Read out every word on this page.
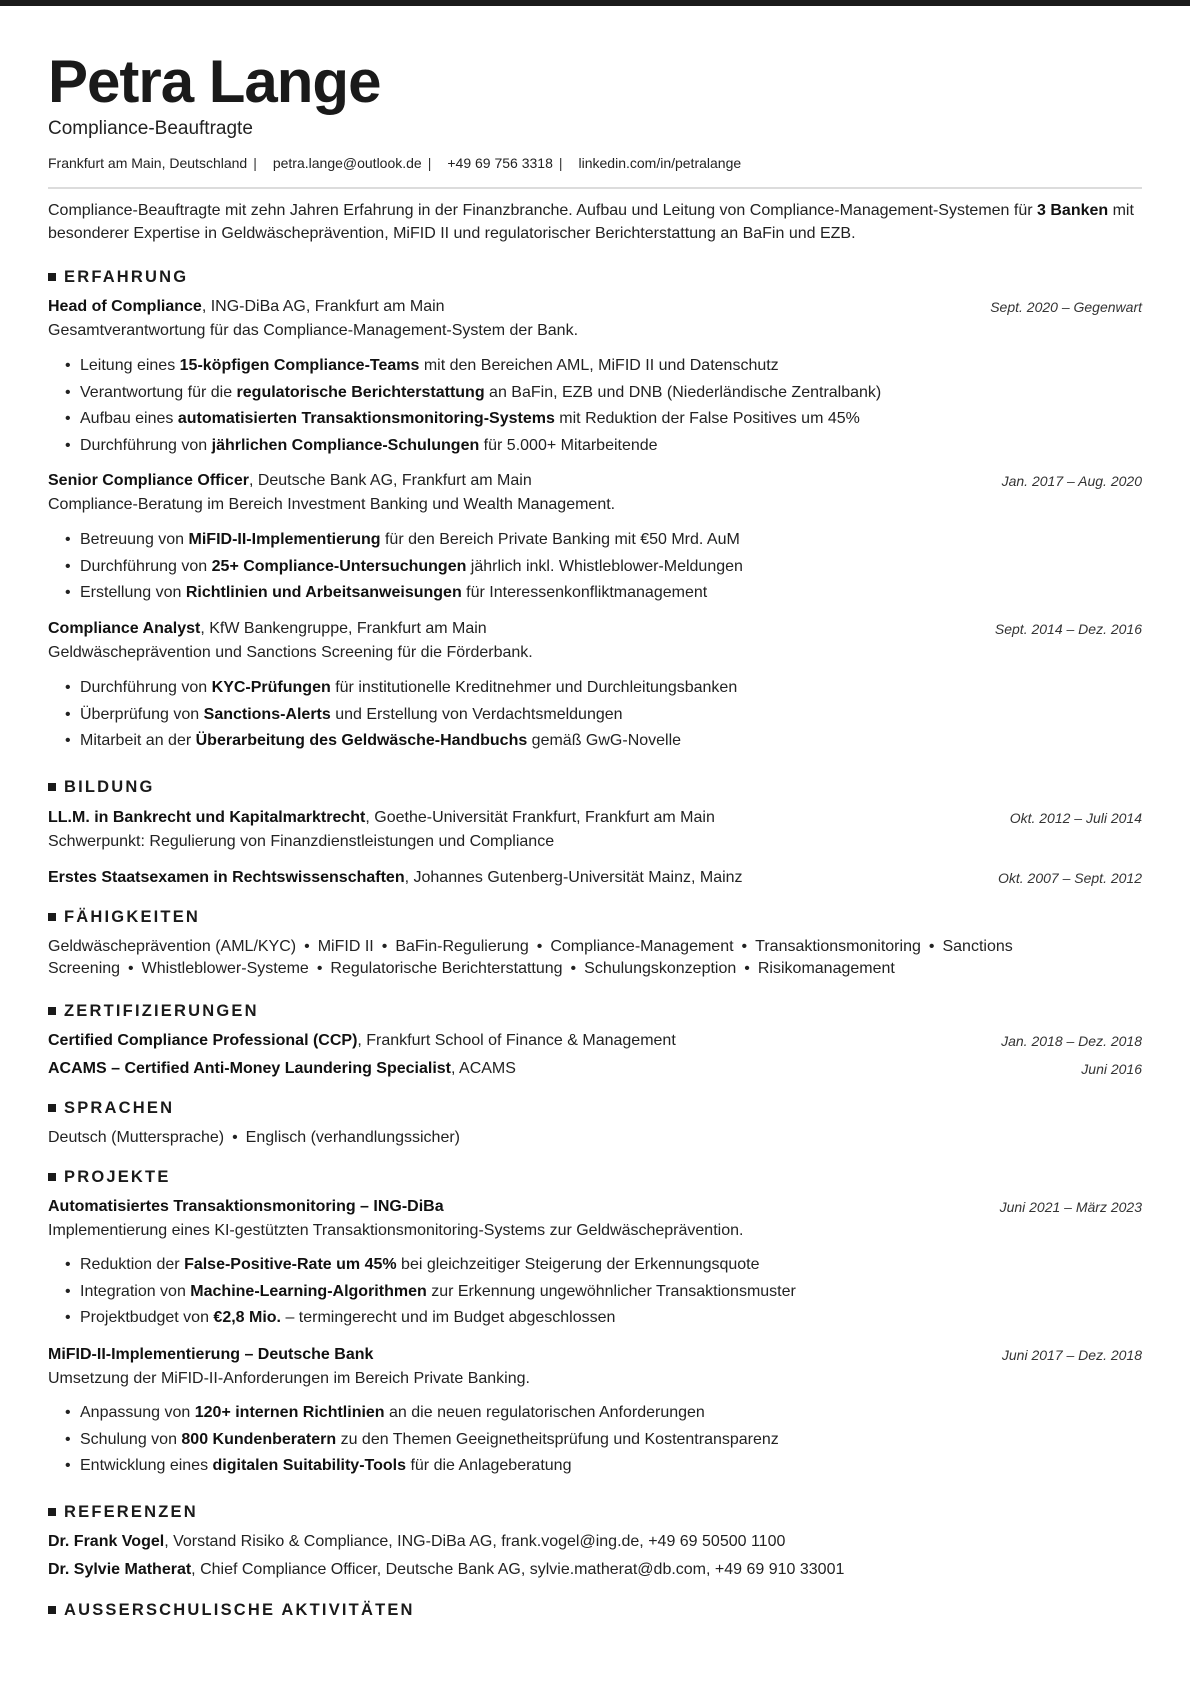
Petra Lange
Compliance-Beauftragte
Frankfurt am Main, Deutschland | petra.lange@outlook.de | +49 69 756 3318 | linkedin.com/in/petralange

Compliance-Beauftragte mit zehn Jahren Erfahrung in der Finanzbranche. Aufbau und Leitung von Compliance-Management-Systemen für 3 Banken mit besonderer Expertise in Geldwäscheprävention, MiFID II und regulatorischer Berichterstattung an BaFin und EZB.

ERFAHRUNG
Head of Compliance, ING-DiBa AG, Frankfurt am Main	Sept. 2020 – Gegenwart
Gesamtverantwortung für das Compliance-Management-System der Bank.
• Leitung eines 15-köpfigen Compliance-Teams mit den Bereichen AML, MiFID II und Datenschutz
• Verantwortung für die regulatorische Berichterstattung an BaFin, EZB und DNB (Niederländische Zentralbank)
• Aufbau eines automatisierten Transaktionsmonitoring-Systems mit Reduktion der False Positives um 45%
• Durchführung von jährlichen Compliance-Schulungen für 5.000+ Mitarbeitende
Senior Compliance Officer, Deutsche Bank AG, Frankfurt am Main	Jan. 2017 – Aug. 2020
Compliance-Beratung im Bereich Investment Banking und Wealth Management.
• Betreuung von MiFID-II-Implementierung für den Bereich Private Banking mit €50 Mrd. AuM
• Durchführung von 25+ Compliance-Untersuchungen jährlich inkl. Whistleblower-Meldungen
• Erstellung von Richtlinien und Arbeitsanweisungen für Interessenkonfliktmanagement
Compliance Analyst, KfW Bankengruppe, Frankfurt am Main	Sept. 2014 – Dez. 2016
Geldwäscheprävention und Sanctions Screening für die Förderbank.
• Durchführung von KYC-Prüfungen für institutionelle Kreditnehmer und Durchleitungsbanken
• Überprüfung von Sanctions-Alerts und Erstellung von Verdachtsmeldungen
• Mitarbeit an der Überarbeitung des Geldwäsche-Handbuchs gemäß GwG-Novelle
BILDUNG
LL.M. in Bankrecht und Kapitalmarktrecht, Goethe-Universität Frankfurt, Frankfurt am Main	Okt. 2012 – Juli 2014
Schwerpunkt: Regulierung von Finanzdienstleistungen und Compliance
Erstes Staatsexamen in Rechtswissenschaften, Johannes Gutenberg-Universität Mainz, Mainz	Okt. 2007 – Sept. 2012
FÄHIGKEITEN
Geldwäscheprävention (AML/KYC) • MiFID II • BaFin-Regulierung • Compliance-Management • Transaktionsmonitoring • Sanctions
Screening • Whistleblower-Systeme • Regulatorische Berichterstattung • Schulungskonzeption • Risikomanagement
ZERTIFIZIERUNGEN
Certified Compliance Professional (CCP), Frankfurt School of Finance & Management	Jan. 2018 – Dez. 2018
ACAMS – Certified Anti-Money Laundering Specialist, ACAMS	Juni 2016
SPRACHEN
Deutsch (Muttersprache) • Englisch (verhandlungssicher)
PROJEKTE
Automatisiertes Transaktionsmonitoring – ING-DiBa	Juni 2021 – März 2023
Implementierung eines KI-gestützten Transaktionsmonitoring-Systems zur Geldwäscheprävention.
• Reduktion der False-Positive-Rate um 45% bei gleichzeitiger Steigerung der Erkennungsquote
• Integration von Machine-Learning-Algorithmen zur Erkennung ungewöhnlicher Transaktionsmuster
• Projektbudget von €2,8 Mio. – termingerecht und im Budget abgeschlossen
MiFID-II-Implementierung – Deutsche Bank	Juni 2017 – Dez. 2018
Umsetzung der MiFID-II-Anforderungen im Bereich Private Banking.
• Anpassung von 120+ internen Richtlinien an die neuen regulatorischen Anforderungen
• Schulung von 800 Kundenberatern zu den Themen Geeignetheitsprüfung und Kostentransparenz
• Entwicklung eines digitalen Suitability-Tools für die Anlageberatung
REFERENZEN
Dr. Frank Vogel, Vorstand Risiko & Compliance, ING-DiBa AG, frank.vogel@ing.de, +49 69 50500 1100
Dr. Sylvie Matherat, Chief Compliance Officer, Deutsche Bank AG, sylvie.matherat@db.com, +49 69 910 33001
AUSSERSCHULISCHE AKTIVITÄTEN
